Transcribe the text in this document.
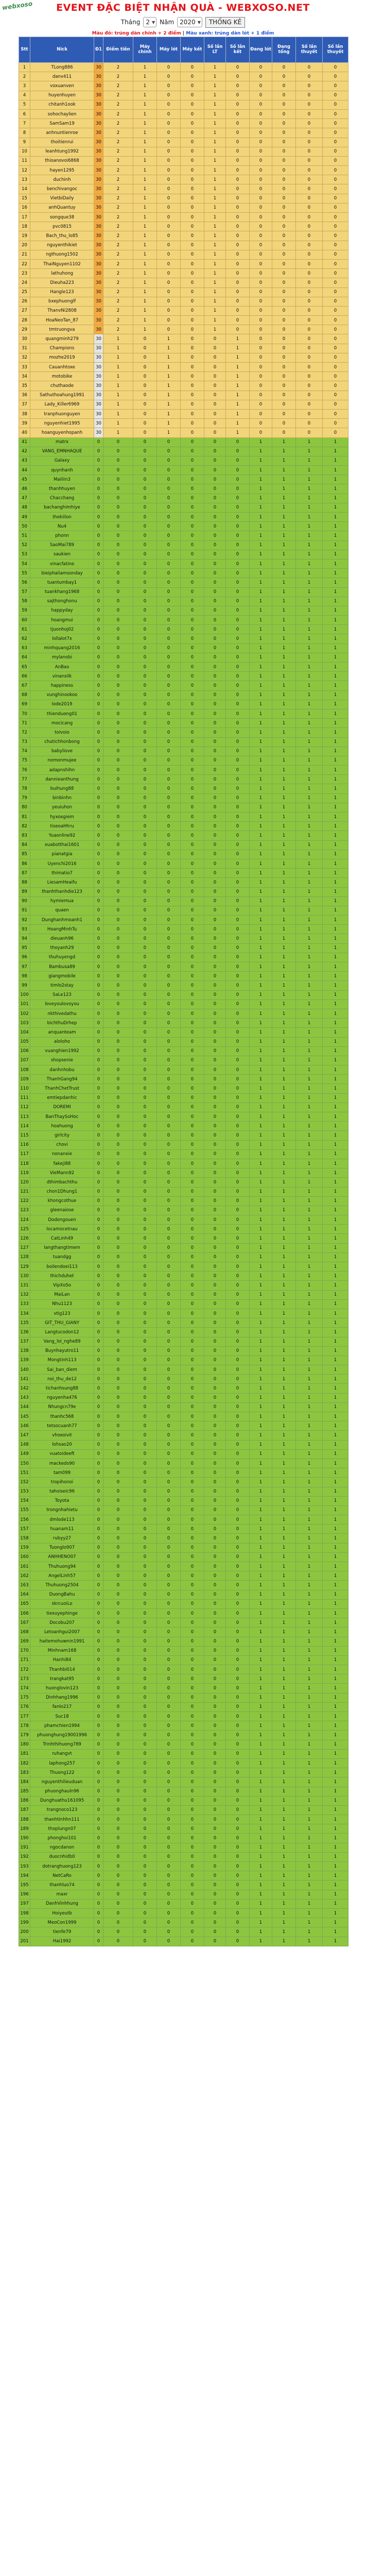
webxoso	EVENT ĐẶC BIỆT NHẬN QUÀ - WEBXOSO.NET
Tháng 2 ▼ Năm 2020 ▼	THỐNG KÊ
Màu đỏ: trúng dàn chính + 2 điểm | Màu xanh: trúng dàn lót + 1 điểm
Stt	Nick	Đ1	Điểm tiền	Máy chính	Máy lót	Máy kết	Số lần LT	Số lần kết	Đang lót	Đang tổng	Số lần thuyết	Số lần thuyết
1	TLong886	30	2	1	0	0	1	0	0	0	0	0
2	danv411	30	2	1	0	0	1	0	0	0	0	0
3	voxuanven	30	2	1	0	0	1	0	0	0	0	0
4	huyenhuyen	30	2	1	0	0	1	0	0	0	0	0
5	chitanh1ook	30	2	1	0	0	1	0	0	0	0	0
6	sohochaylien	30	2	1	0	0	1	0	0	0	0	0
7	SamSam19	30	2	1	0	0	1	0	0	0	0	0
8	anhnuntienroe	30	2	1	0	0	1	0	0	0	0	0
9	thoitienrui	30	2	1	0	0	1	0	0	0	0	0
10	leanhtung1992	30	2	1	0	0	1	0	0	0	0	0
11	thioanovoi6868	30	2	1	0	0	1	0	0	0	0	0
12	hayen1295	30	2	1	0	0	1	0	0	0	0	0
13	duchinh	30	2	1	0	0	1	0	0	0	0	0
14	benchivangoc	30	2	1	0	0	1	0	0	0	0	0
15	VietbiDaily	30	2	1	0	0	1	0	0	0	0	0
16	anhQuantuy	30	2	1	0	0	1	0	0	0	0	0
17	songque38	30	2	1	0	0	1	0	0	0	0	0
18	pvc0815	30	2	1	0	0	1	0	0	0	0	0
19	Bach_thu_lo85	30	2	1	0	0	1	0	0	0	0	0
20	nguyenthikiet	30	2	1	0	0	1	0	0	0	0	0
21	ngthuong1502	30	2	1	0	0	1	0	0	0	0	0
22	ThaiNguyen1102	30	2	1	0	0	1	0	0	0	0	0
23	lathuhong	30	2	1	0	0	1	0	0	0	0	0
24	Dieuha223	30	2	1	0	0	1	0	0	0	0	0
25	Hangle123	30	2	1	0	0	1	0	0	0	0	0
26	bxephuonglf	30	2	1	0	0	1	0	0	0	0	0
27	ThanvNi2808	30	2	1	0	0	1	0	0	0	0	0
28	HoaNeoTan_87	30	2	1	0	0	1	0	0	0	0	0
29	tmtruongva	30	2	1	0	0	1	0	0	0	0	0
30	quangminh279	30	1	0	1	0	0	1	0	0	0	0
31	Champions	30	1	0	1	0	0	1	0	0	0	0
32	mozhe2019	30	1	0	1	0	0	1	0	0	0	0
33	Cauanhtoxe	30	1	0	1	0	0	1	0	0	0	0
34	motobike	30	1	0	1	0	0	1	0	0	0	0
35	chuthaode	30	1	0	1	0	0	1	0	0	0	0
36	Sathuthoahung1991	30	1	0	1	0	0	1	0	0	0	0
37	Lady_Killer6969	30	1	0	1	0	0	1	0	0	0	0
38	tranphuonguyen	30	1	0	1	0	0	1	0	0	0	0
39	nguyenhiet1995	30	1	0	1	0	0	1	0	0	0	0
40	hoanguyenhopanh	30	1	0	1	0	0	1	0	0	0	0
41	matrx	0	0	0	0	0	0	0	1	1	1	1
42	VANG_EMNHAQUE	0	0	0	0	0	0	0	1	1	1	1
43	Galaxy	0	0	0	0	0	0	0	1	1	1	1
44	quynhanh	0	0	0	0	0	0	0	1	1	1	1
45	Mailiin3	0	0	0	0	0	0	0	1	1	1	1
46	thanhhuyen	0	0	0	0	0	0	0	1	1	1	1
47	Chacchang	0	0	0	0	0	0	0	1	1	1	1
48	bachanghimhiye	0	0	0	0	0	0	0	1	1	1	1
49	thekiilon	0	0	0	0	0	0	0	1	1	1	1
50	Nu4	0	0	0	0	0	0	0	1	1	1	1
51	phonn	0	0	0	0	0	0	0	1	1	1	1
52	SaoMai789	0	0	0	0	0	0	0	1	1	1	1
53	saukien	0	0	0	0	0	0	0	1	1	1	1
54	vinacfatine	0	0	0	0	0	0	0	1	1	1	1
55	bieiphaliamsonday	0	0	0	0	0	0	0	1	1	1	1
56	tuantumbay1	0	0	0	0	0	0	0	1	1	1	1
57	tuankhang1968	0	0	0	0	0	0	0	1	1	1	1
58	sajthonghonu	0	0	0	0	0	0	0	1	1	1	1
59	happyday	0	0	0	0	0	0	0	1	1	1	1
60	hoangmui	0	0	0	0	0	0	0	1	1	1	1
61	tjuonhoj02	0	0	0	0	0	0	0	1	1	1	1
62	lollalot7x	0	0	0	0	0	0	0	1	1	1	1
63	minhquang2016	0	0	0	0	0	0	0	1	1	1	1
64	mylanobi	0	0	0	0	0	0	0	1	1	1	1
65	AnBao	0	0	0	0	0	0	0	1	1	1	1
66	vinansilk	0	0	0	0	0	0	0	1	1	1	1
67	happiness	0	0	0	0	0	0	0	1	1	1	1
68	vunghinookoo	0	0	0	0	0	0	0	1	1	1	1
69	lode2019	0	0	0	0	0	0	0	1	1	1	1
70	thienduong01	0	0	0	0	0	0	0	1	1	1	1
71	mocicang	0	0	0	0	0	0	0	1	1	1	1
72	toivoio	0	0	0	0	0	0	0	1	1	1	1
73	chutichhonbong	0	0	0	0	0	0	0	1	1	1	1
74	babyliove	0	0	0	0	0	0	0	1	1	1	1
75	nomonmujee	0	0	0	0	0	0	0	1	1	1	1
76	adapnshihn	0	0	0	0	0	0	0	1	1	1	1
77	dannieanthung	0	0	0	0	0	0	0	1	1	1	1
78	buihung88	0	0	0	0	0	0	0	1	1	1	1
79	binbinhn	0	0	0	0	0	0	0	1	1	1	1
80	yeuiuhon	0	0	0	0	0	0	0	1	1	1	1
81	hyxoxgiem	0	0	0	0	0	0	0	1	1	1	1
82	tiseoaHhru	0	0	0	0	0	0	0	1	1	1	1
83	Yuaonline92	0	0	0	0	0	0	0	1	1	1	1
84	xuabotthai1601	0	0	0	0	0	0	0	1	1	1	1
85	pianatgia	0	0	0	0	0	0	0	1	1	1	1
86	Uyenchi2016	0	0	0	0	0	0	0	1	1	1	1
87	thimatio7	0	0	0	0	0	0	0	1	1	1	1
88	LiesamHeaifu	0	0	0	0	0	0	0	1	1	1	1
89	thanhthanhdie123	0	0	0	0	0	0	0	1	1	1	1
90	hymiemua	0	0	0	0	0	0	0	1	1	1	1
91	quaen	0	0	0	0	0	0	0	1	1	1	1
92	Dunghanhmoanh1	0	0	0	0	0	0	0	1	1	1	1
93	HoangMinhTu	0	0	0	0	0	0	0	1	1	1	1
94	dieuanh96	0	0	0	0	0	0	0	1	1	1	1
95	thoyanh29	0	0	0	0	0	0	0	1	1	1	1
96	thuhuyengd	0	0	0	0	0	0	0	1	1	1	1
97	Bambusa89	0	0	0	0	0	0	0	1	1	1	1
98	giangmobile	0	0	0	0	0	0	0	1	1	1	1
99	timlo2stay	0	0	0	0	0	0	0	1	1	1	1
100	SaLe123	0	0	0	0	0	0	0	1	1	1	1
101	loveyoulovoyou	0	0	0	0	0	0	0	1	1	1	1
102	nkthivedathu	0	0	0	0	0	0	0	1	1	1	1
103	bichthuDrhep	0	0	0	0	0	0	0	1	1	1	1
104	anquanteam	0	0	0	0	0	0	0	1	1	1	1
105	aloloho	0	0	0	0	0	0	0	1	1	1	1
106	vuanghien1992	0	0	0	0	0	0	0	1	1	1	1
107	shopsenie	0	0	0	0	0	0	0	1	1	1	1
108	danhnhobu	0	0	0	0	0	0	0	1	1	1	1
109	ThanhGang94	0	0	0	0	0	0	0	1	1	1	1
110	ThanhChetTrust	0	0	0	0	0	0	0	1	1	1	1
111	emtiepdanhic	0	0	0	0	0	0	0	1	1	1	1
112	DOREMI	0	0	0	0	0	0	0	1	1	1	1
113	BanThaySoHoc	0	0	0	0	0	0	0	1	1	1	1
114	hoahuong	0	0	0	0	0	0	0	1	1	1	1
115	girlcity	0	0	0	0	0	0	0	1	1	1	1
116	chovi	0	0	0	0	0	0	0	1	1	1	1
117	nonanxie	0	0	0	0	0	0	0	1	1	1	1
118	fakeji88	0	0	0	0	0	0	0	1	1	1	1
119	VieMann92	0	0	0	0	0	0	0	1	1	1	1
120	dthimbachthu	0	0	0	0	0	0	0	1	1	1	1
121	chon1Dhung1	0	0	0	0	0	0	0	1	1	1	1
122	khongcothue	0	0	0	0	0	0	0	1	1	1	1
123	gleenaiose	0	0	0	0	0	0	0	1	1	1	1
124	Dodongouen	0	0	0	0	0	0	0	1	1	1	1
125	locamocetnau	0	0	0	0	0	0	0	1	1	1	1
126	CatLinh49	0	0	0	0	0	0	0	1	1	1	1
127	langthangtimem	0	0	0	0	0	0	0	1	1	1	1
128	tuandgg	0	0	0	0	0	0	0	1	1	1	1
129	boilendoei113	0	0	0	0	0	0	0	1	1	1	1
130	thichduhet	0	0	0	0	0	0	0	1	1	1	1
131	VipXoSo	0	0	0	0	0	0	0	1	1	1	1
132	MaiLan	0	0	0	0	0	0	0	1	1	1	1
133	Nhu1123	0	0	0	0	0	0	0	1	1	1	1
134	vtig123	0	0	0	0	0	0	0	1	1	1	1
135	GIT_THU_GIANY	0	0	0	0	0	0	0	1	1	1	1
136	Langtucodon12	0	0	0	0	0	0	0	1	1	1	1
137	Vang_loi_nghe89	0	0	0	0	0	0	0	1	1	1	1
138	Buynhayutro11	0	0	0	0	0	0	0	1	1	1	1
139	Mongtinh113	0	0	0	0	0	0	0	1	1	1	1
140	Sai_ban_diem	0	0	0	0	0	0	0	1	1	1	1
141	noi_thu_de12	0	0	0	0	0	0	0	1	1	1	1
142	tichanhsung88	0	0	0	0	0	0	0	1	1	1	1
143	nguyenha476	0	0	0	0	0	0	0	1	1	1	1
144	Nhungcn79e	0	0	0	0	0	0	0	1	1	1	1
145	thanhc568	0	0	0	0	0	0	0	1	1	1	1
146	tetsocuanh77	0	0	0	0	0	0	0	1	1	1	1
147	vhoxoivit	0	0	0	0	0	0	0	1	1	1	1
148	lohsao20	0	0	0	0	0	0	0	1	1	1	1
149	vuatoideeft	0	0	0	0	0	0	0	1	1	1	1
150	mackedo90	0	0	0	0	0	0	0	1	1	1	1
151	tam099	0	0	0	0	0	0	0	1	1	1	1
152	tropihonoi	0	0	0	0	0	0	0	1	1	1	1
153	tahoiseic96	0	0	0	0	0	0	0	1	1	1	1
154	Toyota	0	0	0	0	0	0	0	1	1	1	1
155	trongnhahietu	0	0	0	0	0	0	0	1	1	1	1
156	dmlode113	0	0	0	0	0	0	0	1	1	1	1
157	huanam11	0	0	0	0	0	0	0	1	1	1	1
158	rubyy27	0	0	0	0	0	0	0	1	1	1	1
159	Tuonglo907	0	0	0	0	0	0	0	1	1	1	1
160	ANHHENO07	0	0	0	0	0	0	0	1	1	1	1
161	Thuhuong94	0	0	0	0	0	0	0	1	1	1	1
162	AngelLinh57	0	0	0	0	0	0	0	1	1	1	1
163	Thuhuong2504	0	0	0	0	0	0	0	1	1	1	1
164	DuongBahu	0	0	0	0	0	0	0	1	1	1	1
165	skrcuoiLo	0	0	0	0	0	0	0	1	1	1	1
166	tiexuyephinge	0	0	0	0	0	0	0	1	1	1	1
167	Docobu207	0	0	0	0	0	0	0	1	1	1	1
168	Letoanhgui2007	0	0	0	0	0	0	0	1	1	1	1
169	haitemohuwnin1991	0	0	0	0	0	0	0	1	1	1	1
170	Minhnam168	0	0	0	0	0	0	0	1	1	1	1
171	Hanhi84	0	0	0	0	0	0	0	1	1	1	1
172	Thanhbi014	0	0	0	0	0	0	0	1	1	1	1
173	trangkat95	0	0	0	0	0	0	0	1	1	1	1
174	huonglovin123	0	0	0	0	0	0	0	1	1	1	1
175	Dinhhang1996	0	0	0	0	0	0	0	1	1	1	1
176	fanlo217	0	0	0	0	0	0	0	1	1	1	1
177	Suc18	0	0	0	0	0	0	0	1	1	1	1
178	phamchien1994	0	0	0	0	0	0	0	1	1	1	1
179	phuonghung19001996	0	0	0	0	0	0	0	1	1	1	1
180	Trinhthihuong789	0	0	0	0	0	0	0	1	1	1	1
181	ruhangvt	0	0	0	0	0	0	0	1	1	1	1
182	laphong257	0	0	0	0	0	0	0	1	1	1	1
183	Thuong122	0	0	0	0	0	0	0	1	1	1	1
184	nguyenthilieuduan	0	0	0	0	0	0	0	1	1	1	1
185	phuonghauln96	0	0	0	0	0	0	0	1	1	1	1
186	Dunghuathu161095	0	0	0	0	0	0	0	1	1	1	1
187	trangnoco123	0	0	0	0	0	0	0	1	1	1	1
188	thanhtinhhn111	0	0	0	0	0	0	0	1	1	1	1
189	thoplungn07	0	0	0	0	0	0	0	1	1	1	1
190	phonghoi101	0	0	0	0	0	0	0	1	1	1	1
191	ngocdanon	0	0	0	0	0	0	0	1	1	1	1
192	duocnhidb0	0	0	0	0	0	0	0	1	1	1	1
193	dotranghuong123	0	0	0	0	0	0	0	1	1	1	1
194	NetCaRo	0	0	0	0	0	0	0	1	1	1	1
195	thanhluo74	0	0	0	0	0	0	0	1	1	1	1
196	maxr	0	0	0	0	0	0	0	1	1	1	1
197	DanhVinhhung	0	0	0	0	0	0	0	1	1	1	1
198	Hoiyeutb	0	0	0	0	0	0	0	1	1	1	1
199	MeoCon1999	0	0	0	0	0	0	0	1	1	1	1
200	tienfe79	0	0	0	0	0	0	0	1	1	1	1
201	Hai1992	0	0	0	0	0	0	0	1	1	1	1
